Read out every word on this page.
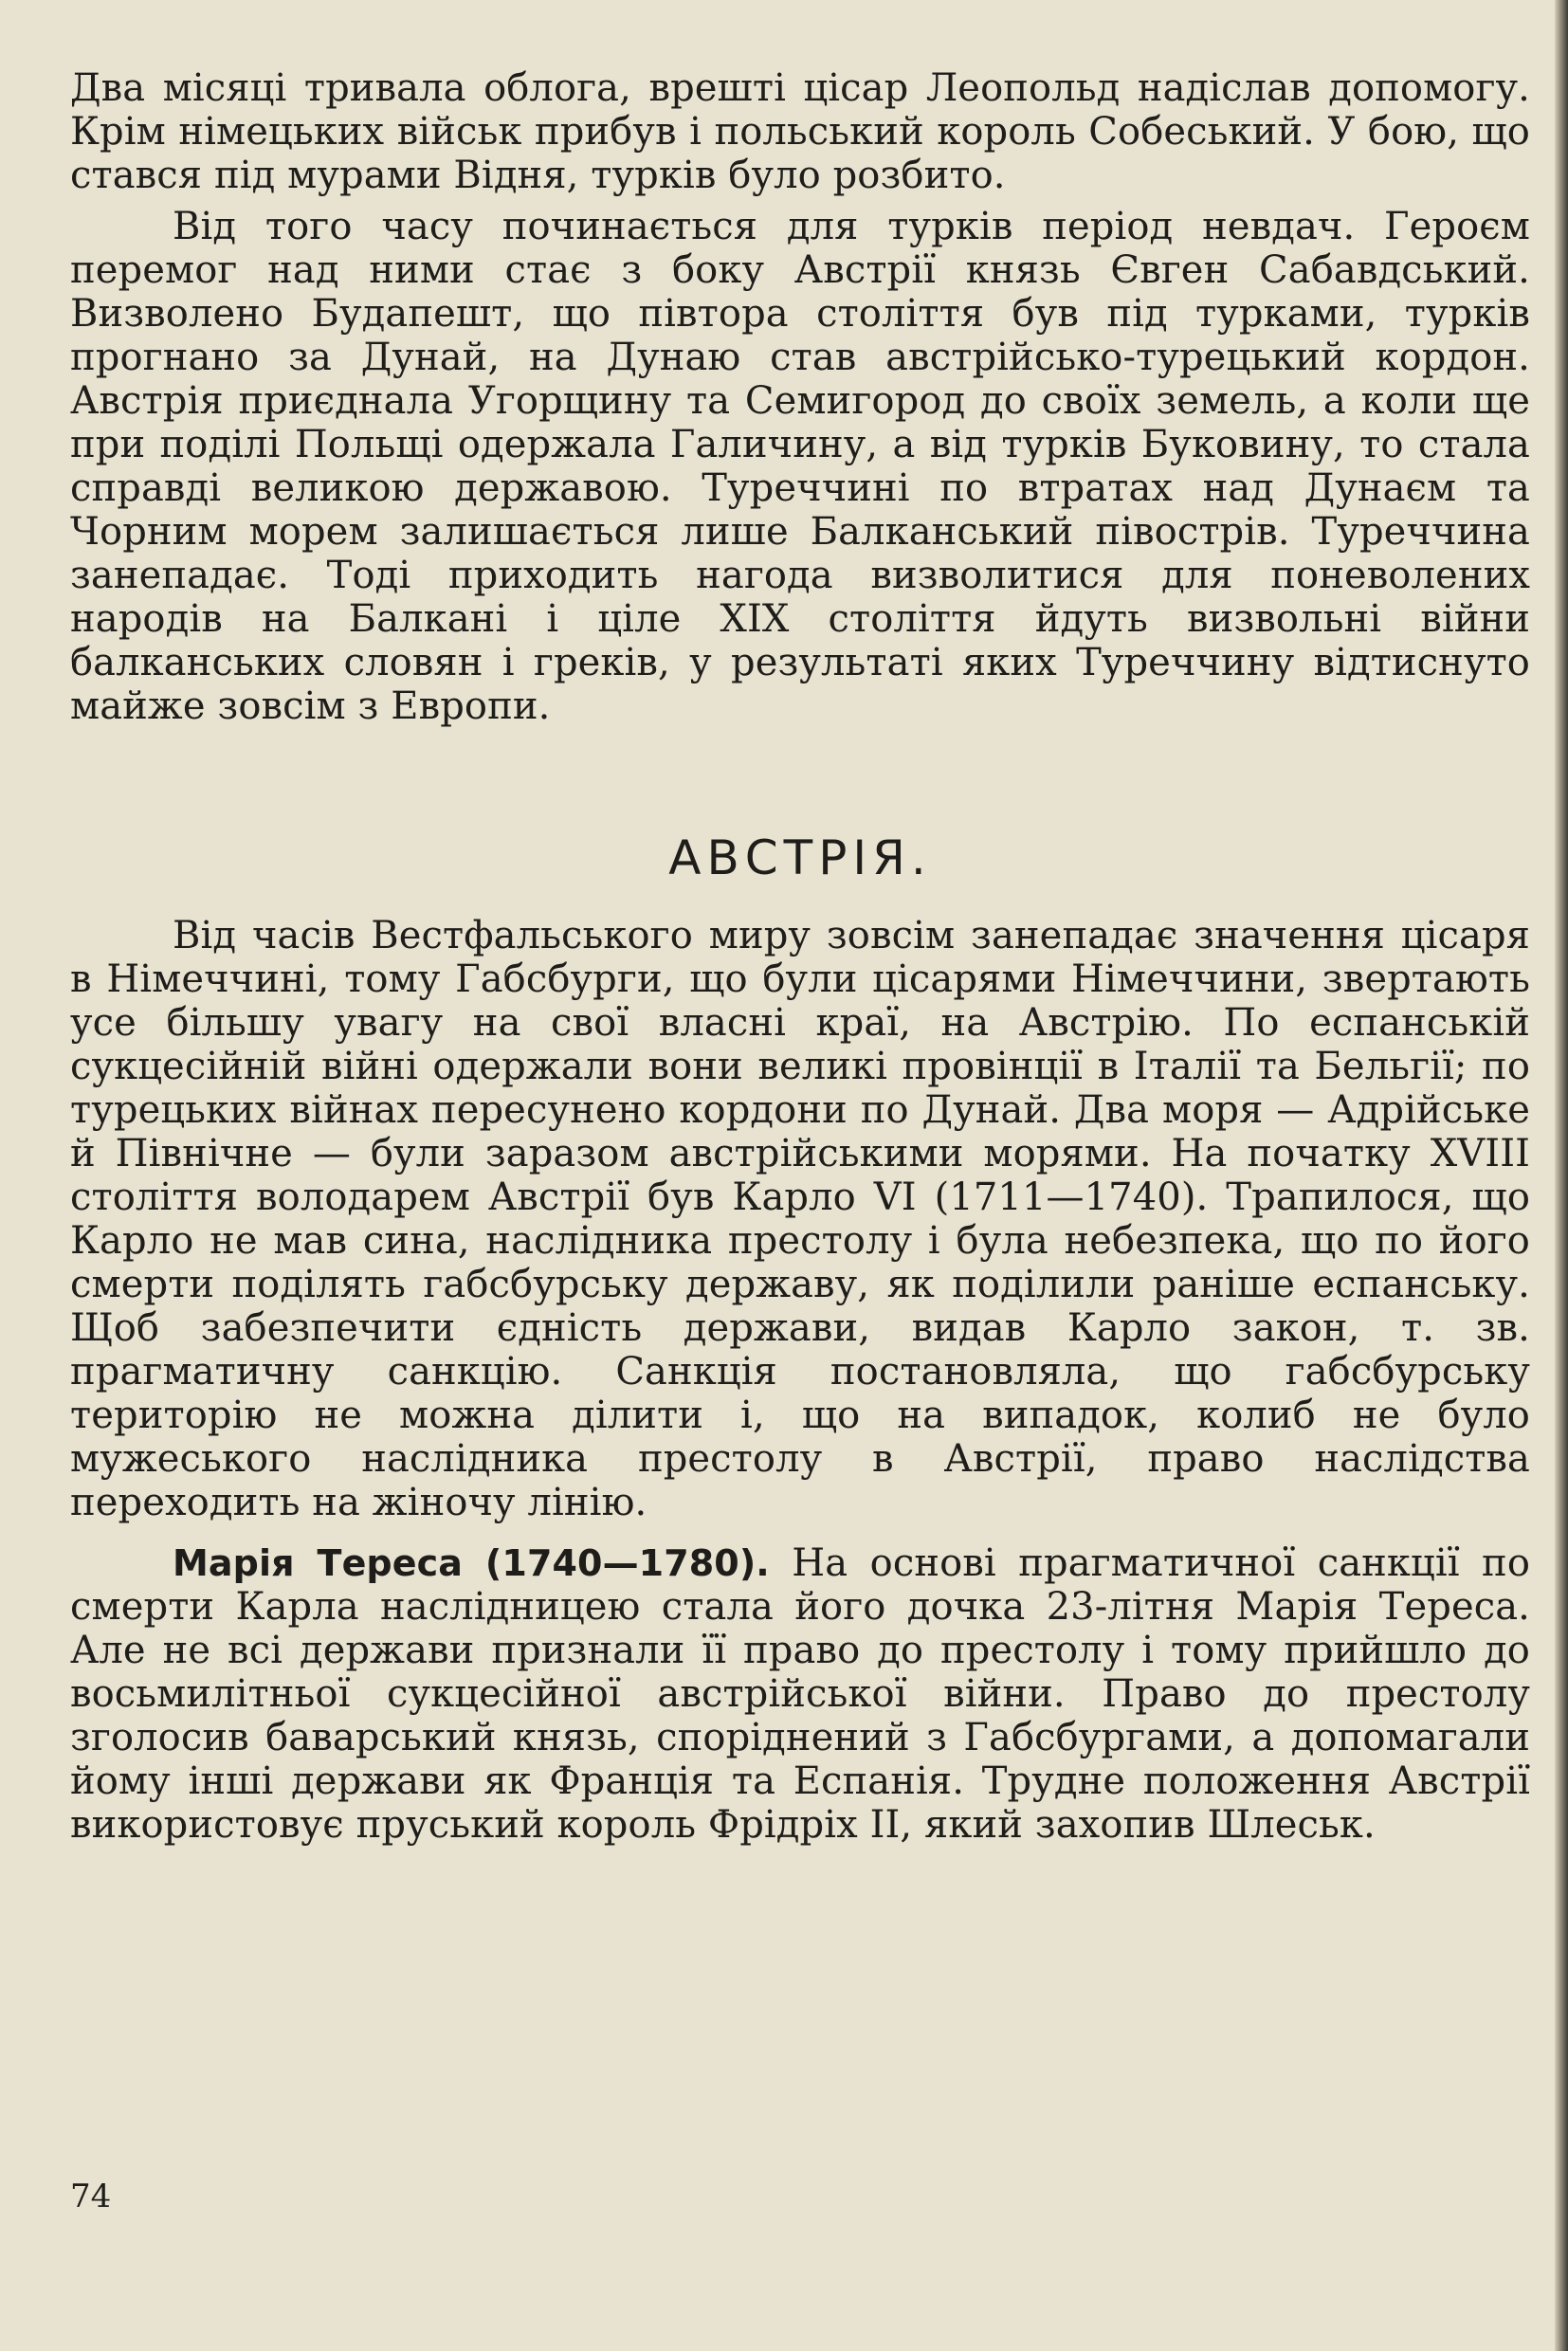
Два місяці тривала облога, врешті цісар Леопольд надіслав допомогу. Крім німецьких військ прибув і польський король Собеський. У бою, що стався під мурами Відня, турків було розбито.

Від того часу починається для турків період невдач. Героєм перемог над ними стає з боку Австрії князь Євген Сабавдський. Визволено Будапешт, що півтора століття був під турками, турків прогнано за Дунай, на Дунаю став австрійсько-турецький кордон. Австрія приєднала Угорщину та Семигород до своїх земель, а коли ще при поділі Польщі одержала Галичину, а від турків Буковину, то стала справді великою державою. Туреччині по втратах над Дунаєм та Чорним морем залишається лише Балканський півострів. Туреччина занепадає. Тоді приходить нагода визволитися для поневолених народів на Балкані і ціле XIX століття йдуть визвольні війни балканських словян і греків, у результаті яких Туреччину відтиснуто майже зовсім з Европи.

АВСТРІЯ.

Від часів Вестфальського миру зовсім занепадає значення цісаря в Німеччині, тому Габсбурги, що були цісарями Німеччини, звертають усе більшу увагу на свої власні краї, на Австрію. По еспанській сукцесійній війні одержали вони великі провінції в Італії та Бельгії; по турецьких війнах пересунено кордони по Дунай. Два моря — Адрійське й Північне — були заразом австрійськими морями. На початку XVIII століття володарем Австрії був Карло VI (1711—1740). Трапилося, що Карло не мав сина, наслідника престолу і була небезпека, що по його смерти поділять габсбурську державу, як поділили раніше еспанську. Щоб забезпечити єдність держави, видав Карло закон, т. зв. прагматичну санкцію. Санкція постановляла, що габсбурську територію не можна ділити і, що на випадок, колиб не було мужеського наслідника престолу в Австрії, право наслідства переходить на жіночу лінію.

Марія Тереса (1740—1780). На основі прагматичної санкції по смерти Карла наслідницею стала його дочка 23-літня Марія Тереса. Але не всі держави признали її право до престолу і тому прийшло до восьмилітньої сукцесійної австрійської війни. Право до престолу зголосив баварський князь, споріднений з Габсбургами, а допомагали йому інші держави як Франція та Еспанія. Трудне положення Австрії використовує пруський король Фрідріх II, який захопив Шлеськ.

74
